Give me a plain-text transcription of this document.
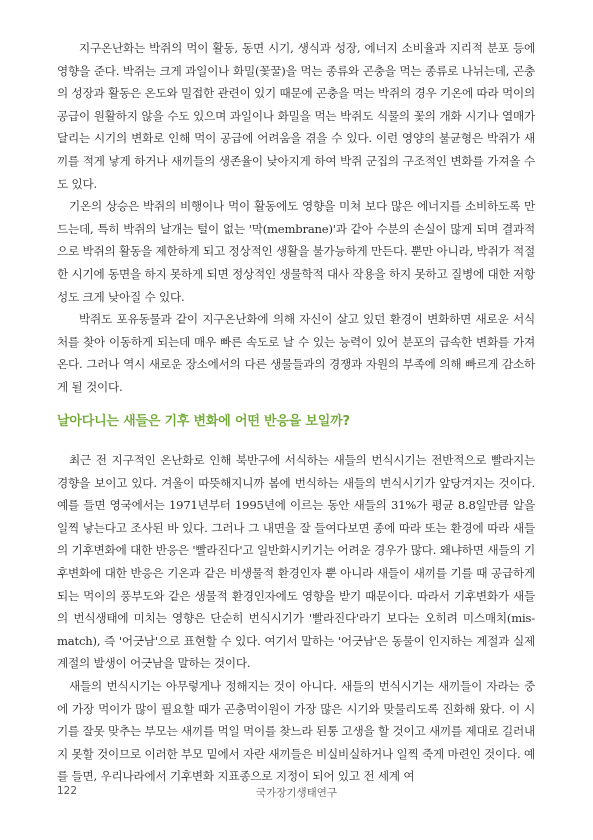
지구온난화는 박쥐의 먹이 활동, 동면 시기, 생식과 성장, 에너지 소비율과 지리적 분포 등에 영향을 준다. 박쥐는 크게 과일이나 화밀(꽃꿀)을 먹는 종류와 곤충을 먹는 종류로 나뉘는데, 곤충의 성장과 활동은 온도와 밀접한 관련이 있기 때문에 곤충을 먹는 박쥐의 경우 기온에 따라 먹이의 공급이 원활하지 않을 수도 있으며 과일이나 화밀을 먹는 박쥐도 식물의 꽃의 개화 시기나 열매가 달리는 시기의 변화로 인해 먹이 공급에 어려움을 겪을 수 있다. 이런 영양의 불균형은 박쥐가 새끼를 적게 낳게 하거나 새끼들의 생존율이 낮아지게 하여 박쥐 군집의 구조적인 변화를 가져올 수도 있다.

기온의 상승은 박쥐의 비행이나 먹이 활동에도 영향을 미쳐 보다 많은 에너지를 소비하도록 만드는데, 특히 박쥐의 날개는 털이 없는 '막(membrane)'과 같아 수분의 손실이 많게 되며 결과적으로 박쥐의 활동을 제한하게 되고 정상적인 생활을 불가능하게 만든다. 뿐만 아니라, 박쥐가 적절한 시기에 동면을 하지 못하게 되면 정상적인 생물학적 대사 작용을 하지 못하고 질병에 대한 저항성도 크게 낮아질 수 있다.

박쥐도 포유동물과 같이 지구온난화에 의해 자신이 살고 있던 환경이 변화하면 새로운 서식처를 찾아 이동하게 되는데 매우 빠른 속도로 날 수 있는 능력이 있어 분포의 급속한 변화를 가져온다. 그러나 역시 새로운 장소에서의 다른 생물들과의 경쟁과 자원의 부족에 의해 빠르게 감소하게 될 것이다.

날아다니는 새들은 기후 변화에 어떤 반응을 보일까?

최근 전 지구적인 온난화로 인해 북반구에 서식하는 새들의 번식시기는 전반적으로 빨라지는 경향을 보이고 있다. 겨울이 따뜻해지니까 봄에 번식하는 새들의 번식시기가 앞당겨지는 것이다. 예를 들면 영국에서는 1971년부터 1995년에 이르는 동안 새들의 31%가 평균 8.8일만큼 알을 일찍 낳는다고 조사된 바 있다. 그러나 그 내면을 잘 들여다보면 종에 따라 또는 환경에 따라 새들의 기후변화에 대한 반응은 '빨라진다'고 일반화시키기는 어려운 경우가 많다. 왜냐하면 새들의 기후변화에 대한 반응은 기온과 같은 비생물적 환경인자 뿐 아니라 새들이 새끼를 기를 때 공급하게 되는 먹이의 풍부도와 같은 생물적 환경인자에도 영향을 받기 때문이다. 따라서 기후변화가 새들의 번식생태에 미치는 영향은 단순히 번식시기가 '빨라진다'라기 보다는 오히려 미스매치(mis-match), 즉 '어긋남'으로 표현할 수 있다. 여기서 말하는 '어긋남'은 동물이 인지하는 계절과 실제 계절의 발생이 어긋남을 말하는 것이다.

새들의 번식시기는 아무렇게나 정해지는 것이 아니다. 새들의 번식시기는 새끼들이 자라는 중에 가장 먹이가 많이 필요할 때가 곤충먹이원이 가장 많은 시기와 맞물리도록 진화해 왔다. 이 시기를 잘못 맞추는 부모는 새끼를 먹일 먹이를 찾느라 된통 고생을 할 것이고 새끼를 제대로 길러내지 못할 것이므로 이러한 부모 밑에서 자란 새끼들은 비실비실하거나 일찍 죽게 마련인 것이다. 예를 들면, 우리나라에서 기후변화 지표종으로 지정이 되어 있고 전 세계 여

122	국가장기생태연구
